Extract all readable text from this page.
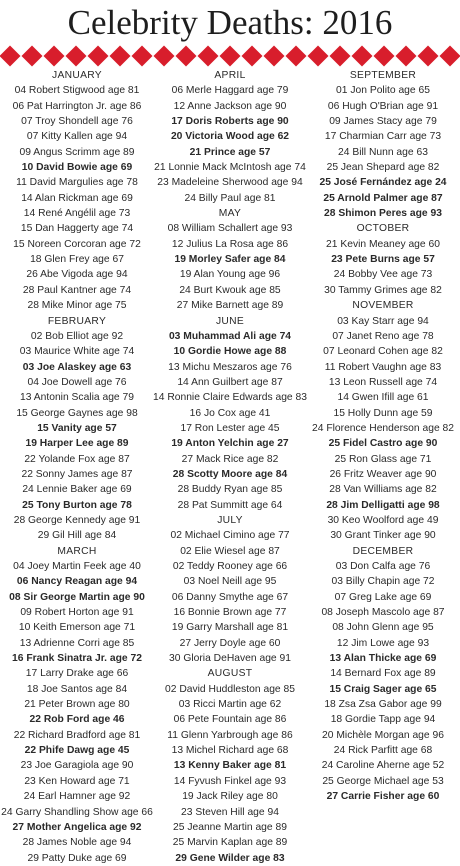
Celebrity Deaths: 2016
JANUARY
04 Robert Stigwood age 81
06 Pat Harrington Jr. age 86
07 Troy Shondell age 76
07 Kitty Kallen age 94
09 Angus Scrimm age 89
10 David Bowie age 69
11 David Margulies age 78
14 Alan Rickman age 69
14 René Angélil age 73
15 Dan Haggerty age 74
15 Noreen Corcoran age 72
18 Glen Frey age 67
26 Abe Vigoda age 94
28 Paul Kantner age 74
28 Mike Minor age 75
FEBRUARY
02 Bob Elliot age 92
03 Maurice White age 74
03 Joe Alaskey age 63
04 Joe Dowell age 76
13 Antonin Scalia age 79
15 George Gaynes age 98
15 Vanity age 57
19 Harper Lee age 89
22 Yolande Fox age 87
22 Sonny James age 87
24 Lennie Baker age 69
25 Tony Burton age 78
28 George Kennedy age 91
29 Gil Hill age 84
MARCH
04 Joey Martin Feek age 40
06 Nancy Reagan age 94
08 Sir George Martin age 90
09 Robert Horton age 91
10 Keith Emerson age 71
13 Adrienne Corri age 85
16 Frank Sinatra Jr. age 72
17 Larry Drake age 66
18 Joe Santos age 84
21 Peter Brown age 80
22 Rob Ford age 46
22 Richard Bradford age 81
22 Phife Dawg age 45
23 Joe Garagiola age 90
23 Ken Howard age 71
24 Earl Hamner age 92
24 Garry Shandling Show age 66
27 Mother Angelica age 92
28 James Noble age 94
29 Patty Duke age 69
APRIL
06 Merle Haggard age 79
12 Anne Jackson age 90
17 Doris Roberts age 90
20 Victoria Wood age 62
21 Prince age 57
21 Lonnie Mack McIntosh age 74
23 Madeleine Sherwood age 94
24 Billy Paul age 81
MAY
08 William Schallert age 93
12 Julius La Rosa age 86
19 Morley Safer age 84
19 Alan Young age 96
24 Burt Kwouk age 85
27 Mike Barnett age 89
JUNE
03 Muhammad Ali age 74
10 Gordie Howe age 88
13 Michu Meszaros age 76
14 Ann Guilbert age 87
14 Ronnie Claire Edwards age 83
16 Jo Cox age 41
17 Ron Lester age 45
19 Anton Yelchin age 27
27 Mack Rice age 82
28 Scotty Moore age 84
28 Buddy Ryan age 85
28 Pat Summitt age 64
JULY
02 Michael Cimino age 77
02 Elie Wiesel age 87
02 Teddy Rooney age 66
03 Noel Neill age 95
06 Danny Smythe age 67
16 Bonnie Brown age 77
19 Garry Marshall age 81
27 Jerry Doyle age 60
30 Gloria DeHaven age 91
AUGUST
02 David Huddleston age 85
03 Ricci Martin age 62
06 Pete Fountain age 86
11 Glenn Yarbrough age 86
13 Michel Richard age 68
13 Kenny Baker age 81
14 Fyvush Finkel age 93
19 Jack Riley age 80
23 Steven Hill age 94
25 Jeanne Martin age 89
25 Marvin Kaplan age 89
29 Gene Wilder age 83
SEPTEMBER
01 Jon Polito age 65
06 Hugh O'Brian age 91
09 James Stacy age 79
17 Charmian Carr age 73
24 Bill Nunn age 63
25 Jean Shepard age 82
25 José Fernández age 24
25 Arnold Palmer age 87
28 Shimon Peres age 93
OCTOBER
21 Kevin Meaney age 60
23 Pete Burns age 57
24 Bobby Vee age 73
30 Tammy Grimes age 82
NOVEMBER
03 Kay Starr age 94
07 Janet Reno age 78
07 Leonard Cohen age 82
11 Robert Vaughn age 83
13 Leon Russell age 74
14 Gwen Ifill age 61
15 Holly Dunn age 59
24 Florence Henderson age 82
25 Fidel Castro age 90
25 Ron Glass age 71
26 Fritz Weaver age 90
28 Van Williams age 82
28 Jim Delligatti age 98
30 Keo Woolford age 49
30 Grant Tinker age 90
DECEMBER
03 Don Calfa age 76
03 Billy Chapin age 72
07 Greg Lake age 69
08 Joseph Mascolo age 87
08 John Glenn age 95
12 Jim Lowe age 93
13 Alan Thicke age 69
14 Bernard Fox age 89
15 Craig Sager age 65
18 Zsa Zsa Gabor age 99
18 Gordie Tapp age 94
20 Michèle Morgan age 96
24 Rick Parfitt age 68
24 Caroline Aherne age 52
25 George Michael age 53
27 Carrie Fisher age 60
